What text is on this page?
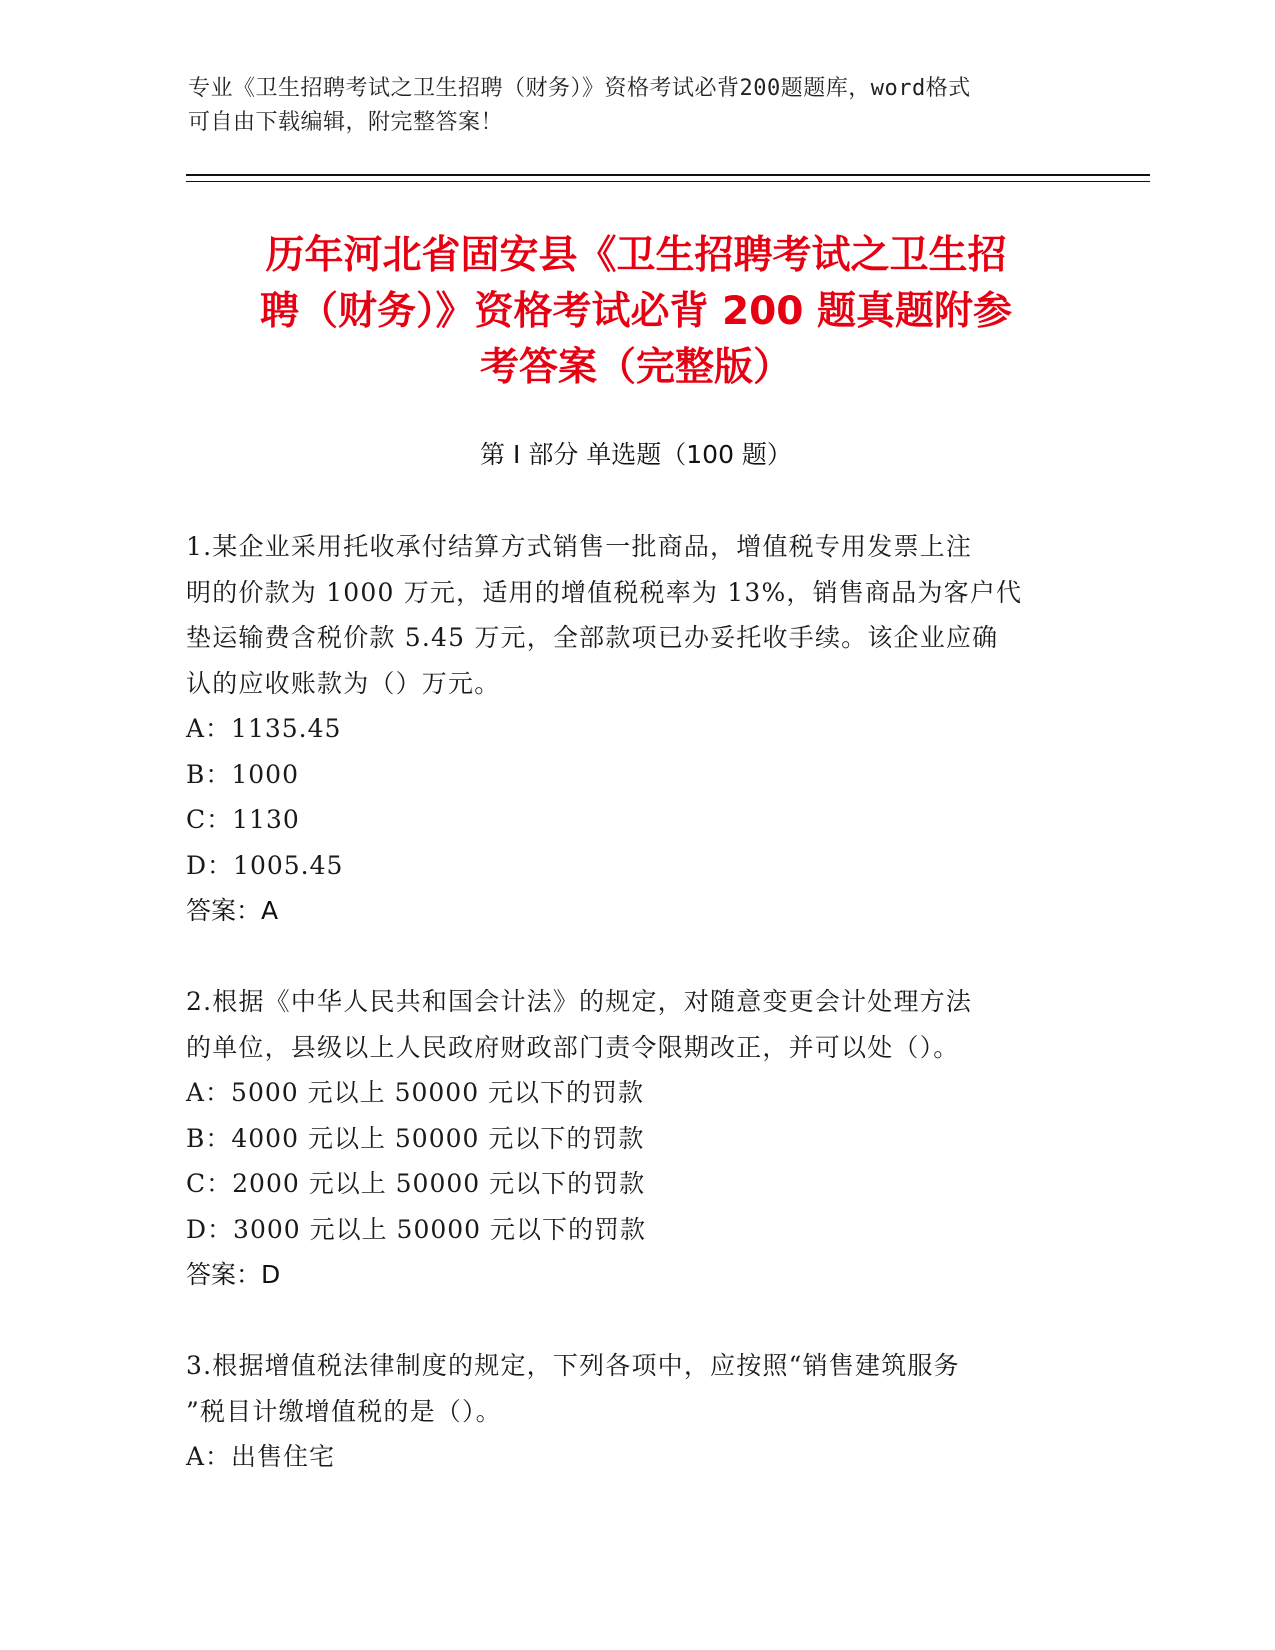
专业《卫生招聘考试之卫生招聘（财务）》资格考试必背200题题库，word格式
可自由下载编辑，附完整答案！
历年河北省固安县《卫生招聘考试之卫生招
聘（财务）》资格考试必背 200 题真题附参
考答案（完整版）
第 I 部分 单选题（100 题）

1.某企业采用托收承付结算方式销售一批商品，增值税专用发票上注

明的价款为 1000 万元，适用的增值税税率为 13%，销售商品为客户代

垫运输费含税价款 5.45 万元，全部款项已办妥托收手续。该企业应确

认的应收账款为（）万元。

A：1135.45

B：1000

C：1130

D：1005.45

答案：A

2.根据《中华人民共和国会计法》的规定，对随意变更会计处理方法

的单位，县级以上人民政府财政部门责令限期改正，并可以处（）。

A：5000 元以上 50000 元以下的罚款

B：4000 元以上 50000 元以下的罚款

C：2000 元以上 50000 元以下的罚款

D：3000 元以上 50000 元以下的罚款

答案：D

3.根据增值税法律制度的规定，下列各项中，应按照“销售建筑服务

”税目计缴增值税的是（）。

A：出售住宅
